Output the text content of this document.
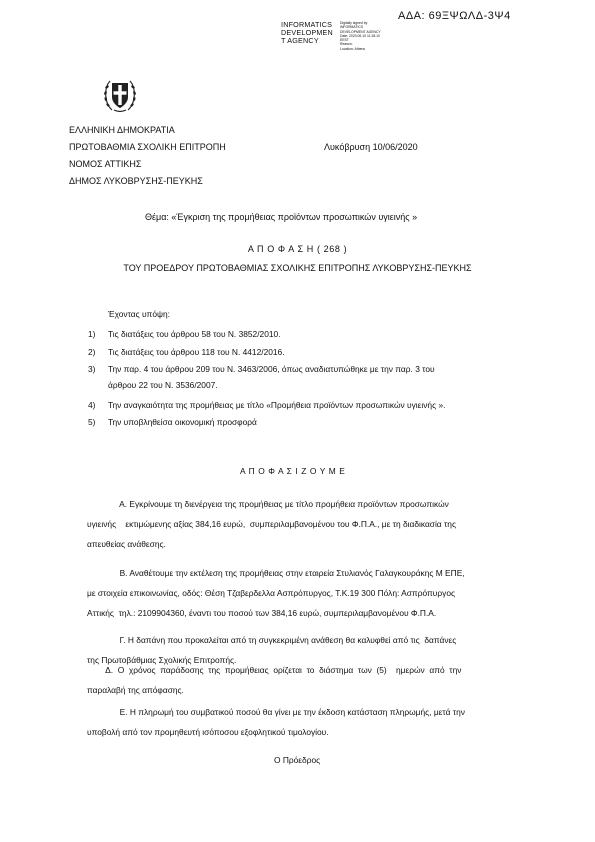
ΑΔΑ: 69ΞΨΩΛΔ-3Ψ4
INFORMATICS
DEVELOPMEN
T AGENCY
Digitally signed by
INFORMATICS
DEVELOPMENT AGENCY
Date: 2020.06.10 11:18:10
EEST
Reason:
Location: Athens
ΕΛΛΗΝΙΚΗ ΔΗΜΟΚΡΑΤΙΑ
ΠΡΩΤΟΒΑΘΜΙΑ ΣΧΟΛΙΚΗ ΕΠΙΤΡΟΠΗ
ΝΟΜΟΣ ΑΤΤΙΚΗΣ
ΔΗΜΟΣ ΛΥΚΟΒΡΥΣΗΣ-ΠΕΥΚΗΣ
Λυκόβρυση 10/06/2020
Θέμα: «Έγκριση της προμήθειας προϊόντων προσωπικών υγιεινής »
Α Π Ο Φ Α Σ Η ( 268 )
ΤΟΥ ΠΡΟΕΔΡΟΥ ΠΡΩΤΟΒΑΘΜΙΑΣ ΣΧΟΛΙΚΗΣ ΕΠΙΤΡΟΠΗΣ ΛΥΚΟΒΡΥΣΗΣ-ΠΕΥΚΗΣ
Έχοντας υπόψη:
1) Τις διατάξεις του άρθρου 58 του Ν. 3852/2010.
2) Τις διατάξεις του άρθρου 118 του Ν. 4412/2016.
3) Την παρ. 4 του άρθρου 209 του Ν. 3463/2006, όπως αναδιατυπώθηκε με την παρ. 3 του
άρθρου 22 του Ν. 3536/2007.
4) Την αναγκαιότητα της προμήθειας με τίτλο «Προμήθεια προϊόντων προσωπικών υγιεινής ».
5) Την υποβληθείσα οικονομική προσφορά
Α Π Ο Φ Α Σ Ι Ζ Ο Υ Μ Ε
Α. Εγκρίνουμε τη διενέργεια της προμήθειας με τίτλο προμήθεια προϊόντων προσωπικών
υγιεινής    εκτιμώμενης αξίας 384,16 ευρώ,  συμπεριλαμβανομένου του Φ.Π.Α., με τη διαδικασία της
απευθείας ανάθεσης.
Β. Αναθέτουμε την εκτέλεση της προμήθειας στην εταιρεία Στυλιανός Γαλαγκουράκης Μ ΕΠΕ,
με στοιχεία επικοινωνίας, οδός: Θέση Τζαβερδελλα Ασπρόπυργος, Τ.Κ.19 300 Πόλη: Ασπρόπυργος
Αττικής  τηλ.: 2109904360, έναντι του ποσού των 384,16 ευρώ, συμπεριλαμβανομένου Φ.Π.Α.
Γ. Η δαπάνη που προκαλείται από τη συγκεκριμένη ανάθεση θα καλυφθεί από τις  δαπάνες
της Πρωτοβάθμιας Σχολικής Επιτροπής.
Δ.  Ο  χρόνος  παράδοσης  της  προμήθειας  ορίζεται  το  διάστημα  των  (5)    ημερών  από  την
παραλαβή της απόφασης.
Ε. Η πληρωμή του συμβατικού ποσού θα γίνει με την έκδοση κατάσταση πληρωμής, μετά την
υποβολή από τον προμηθευτή ισόποσου εξοφλητικού τιμολογίου.
Ο Πρόεδρος
